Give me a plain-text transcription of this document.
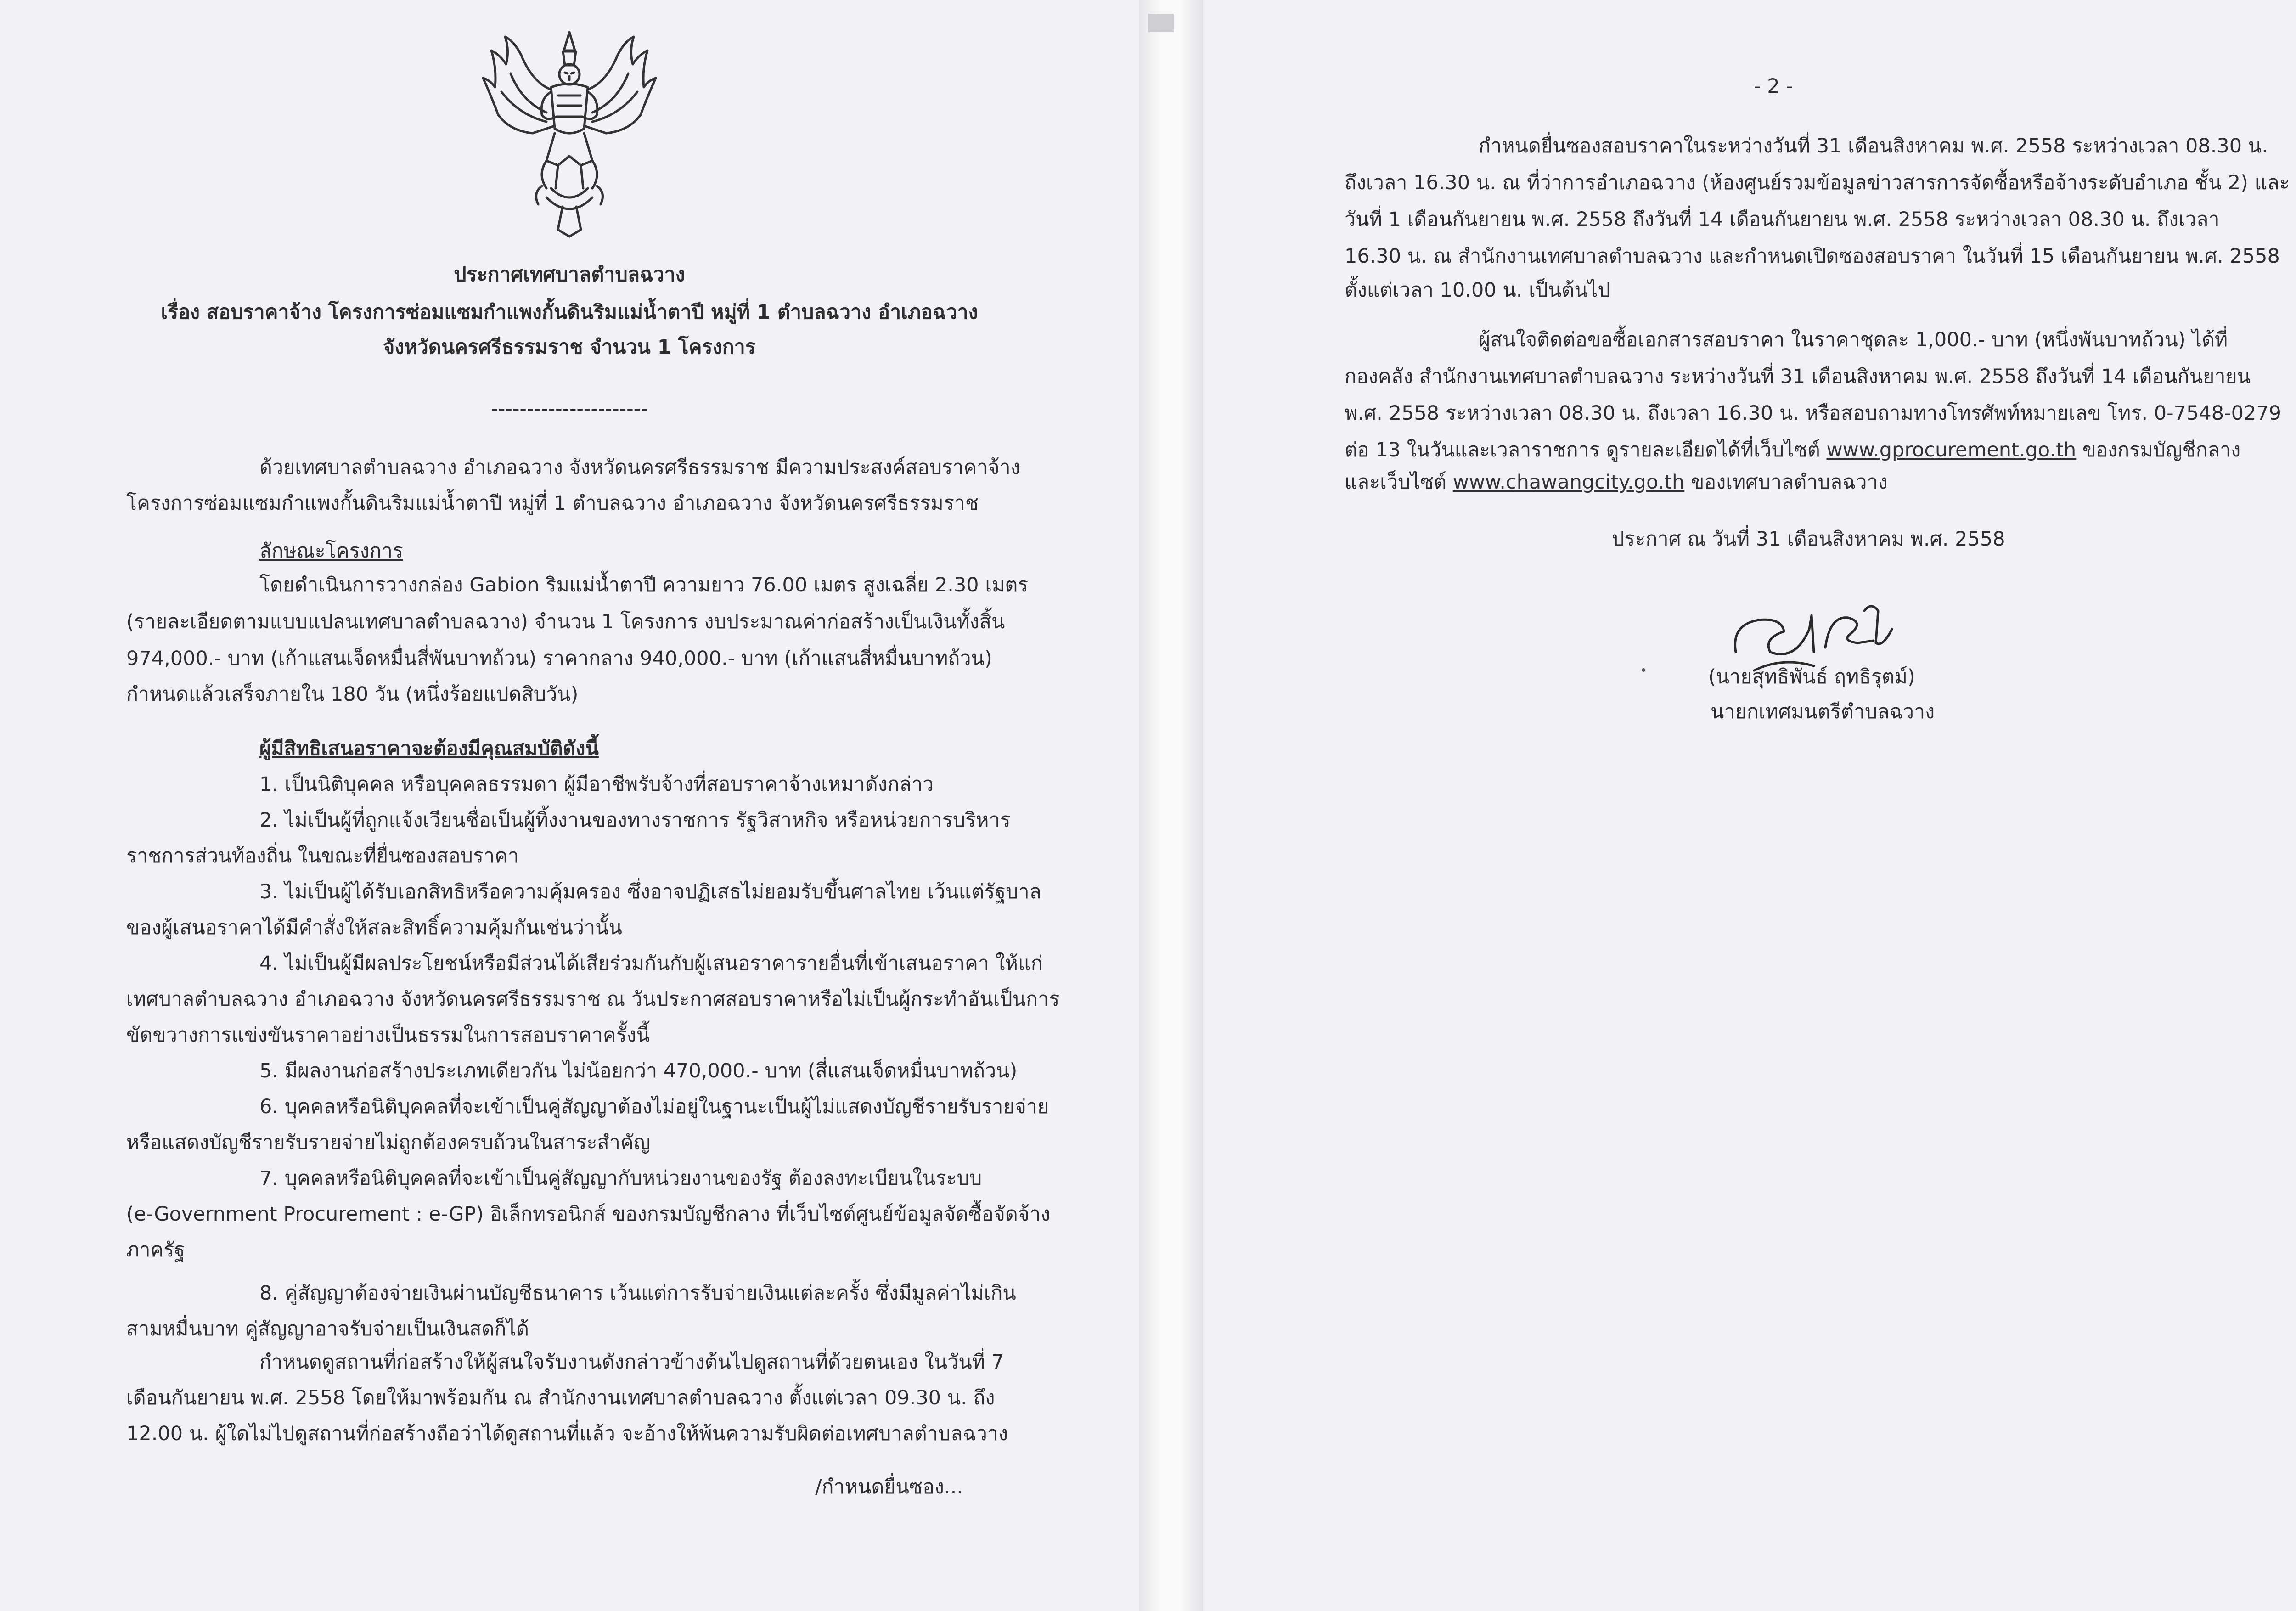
ประกาศเทศบาลตำบลฉวาง

เรื่อง สอบราคาจ้าง โครงการซ่อมแซมกำแพงกั้นดินริมแม่น้ำตาปี หมู่ที่ 1 ตำบลฉวาง อำเภอฉวาง

จังหวัดนครศรีธรรมราช จำนวน 1 โครงการ

----------------------

ด้วยเทศบาลตำบลฉวาง อำเภอฉวาง จังหวัดนครศรีธรรมราช มีความประสงค์สอบราคาจ้าง

โครงการซ่อมแซมกำแพงกั้นดินริมแม่น้ำตาปี หมู่ที่ 1 ตำบลฉวาง อำเภอฉวาง จังหวัดนครศรีธรรมราช

ลักษณะโครงการ

โดยดำเนินการวางกล่อง Gabion ริมแม่น้ำตาปี ความยาว 76.00 เมตร สูงเฉลี่ย 2.30 เมตร

(รายละเอียดตามแบบแปลนเทศบาลตำบลฉวาง) จำนวน 1 โครงการ งบประมาณค่าก่อสร้างเป็นเงินทั้งสิ้น

974,000.- บาท (เก้าแสนเจ็ดหมื่นสี่พันบาทถ้วน) ราคากลาง 940,000.- บาท (เก้าแสนสี่หมื่นบาทถ้วน)

กำหนดแล้วเสร็จภายใน 180 วัน (หนึ่งร้อยแปดสิบวัน)

ผู้มีสิทธิเสนอราคาจะต้องมีคุณสมบัติดังนี้

1. เป็นนิติบุคคล หรือบุคคลธรรมดา ผู้มีอาชีพรับจ้างที่สอบราคาจ้างเหมาดังกล่าว

2. ไม่เป็นผู้ที่ถูกแจ้งเวียนชื่อเป็นผู้ทิ้งงานของทางราชการ รัฐวิสาหกิจ หรือหน่วยการบริหาร

ราชการส่วนท้องถิ่น ในขณะที่ยื่นซองสอบราคา

3. ไม่เป็นผู้ได้รับเอกสิทธิหรือความคุ้มครอง ซึ่งอาจปฏิเสธไม่ยอมรับขึ้นศาลไทย เว้นแต่รัฐบาล

ของผู้เสนอราคาได้มีคำสั่งให้สละสิทธิ์ความคุ้มกันเช่นว่านั้น

4. ไม่เป็นผู้มีผลประโยชน์หรือมีส่วนได้เสียร่วมกันกับผู้เสนอราคารายอื่นที่เข้าเสนอราคา ให้แก่

เทศบาลตำบลฉวาง อำเภอฉวาง จังหวัดนครศรีธรรมราช ณ วันประกาศสอบราคาหรือไม่เป็นผู้กระทำอันเป็นการ

ขัดขวางการแข่งขันราคาอย่างเป็นธรรมในการสอบราคาครั้งนี้

5. มีผลงานก่อสร้างประเภทเดียวกัน ไม่น้อยกว่า 470,000.- บาท (สี่แสนเจ็ดหมื่นบาทถ้วน)

6. บุคคลหรือนิติบุคคลที่จะเข้าเป็นคู่สัญญาต้องไม่อยู่ในฐานะเป็นผู้ไม่แสดงบัญชีรายรับรายจ่าย

หรือแสดงบัญชีรายรับรายจ่ายไม่ถูกต้องครบถ้วนในสาระสำคัญ

7. บุคคลหรือนิติบุคคลที่จะเข้าเป็นคู่สัญญากับหน่วยงานของรัฐ ต้องลงทะเบียนในระบบ

(e-Government Procurement : e-GP) อิเล็กทรอนิกส์ ของกรมบัญชีกลาง ที่เว็บไซต์ศูนย์ข้อมูลจัดซื้อจัดจ้าง

ภาครัฐ

8. คู่สัญญาต้องจ่ายเงินผ่านบัญชีธนาคาร เว้นแต่การรับจ่ายเงินแต่ละครั้ง ซึ่งมีมูลค่าไม่เกิน

สามหมื่นบาท คู่สัญญาอาจรับจ่ายเป็นเงินสดก็ได้

กำหนดดูสถานที่ก่อสร้างให้ผู้สนใจรับงานดังกล่าวข้างต้นไปดูสถานที่ด้วยตนเอง ในวันที่ 7

เดือนกันยายน พ.ศ. 2558 โดยให้มาพร้อมกัน ณ สำนักงานเทศบาลตำบลฉวาง ตั้งแต่เวลา 09.30 น. ถึง

12.00 น. ผู้ใดไม่ไปดูสถานที่ก่อสร้างถือว่าได้ดูสถานที่แล้ว จะอ้างให้พ้นความรับผิดต่อเทศบาลตำบลฉวาง

/กำหนดยื่นซอง...

- 2 -

กำหนดยื่นซองสอบราคาในระหว่างวันที่ 31 เดือนสิงหาคม พ.ศ. 2558 ระหว่างเวลา 08.30 น.

ถึงเวลา 16.30 น. ณ ที่ว่าการอำเภอฉวาง (ห้องศูนย์รวมข้อมูลข่าวสารการจัดซื้อหรือจ้างระดับอำเภอ ชั้น 2) และ

วันที่ 1 เดือนกันยายน พ.ศ. 2558 ถึงวันที่ 14 เดือนกันยายน พ.ศ. 2558 ระหว่างเวลา 08.30 น. ถึงเวลา

16.30 น. ณ สำนักงานเทศบาลตำบลฉวาง และกำหนดเปิดซองสอบราคา ในวันที่ 15 เดือนกันยายน พ.ศ. 2558

ตั้งแต่เวลา 10.00 น. เป็นต้นไป

ผู้สนใจติดต่อขอซื้อเอกสารสอบราคา ในราคาชุดละ 1,000.- บาท (หนึ่งพันบาทถ้วน) ได้ที่

กองคลัง สำนักงานเทศบาลตำบลฉวาง ระหว่างวันที่ 31 เดือนสิงหาคม พ.ศ. 2558 ถึงวันที่ 14 เดือนกันยายน

พ.ศ. 2558 ระหว่างเวลา 08.30 น. ถึงเวลา 16.30 น. หรือสอบถามทางโทรศัพท์หมายเลข โทร. 0-7548-0279

ต่อ 13 ในวันและเวลาราชการ ดูรายละเอียดได้ที่เว็บไซต์ www.gprocurement.go.th ของกรมบัญชีกลาง

และเว็บไซต์ www.chawangcity.go.th ของเทศบาลตำบลฉวาง

ประกาศ ณ วันที่ 31 เดือนสิงหาคม พ.ศ. 2558

(นายสุทธิพันธ์ ฤทธิรุตม์)

นายกเทศมนตรีตำบลฉวาง
